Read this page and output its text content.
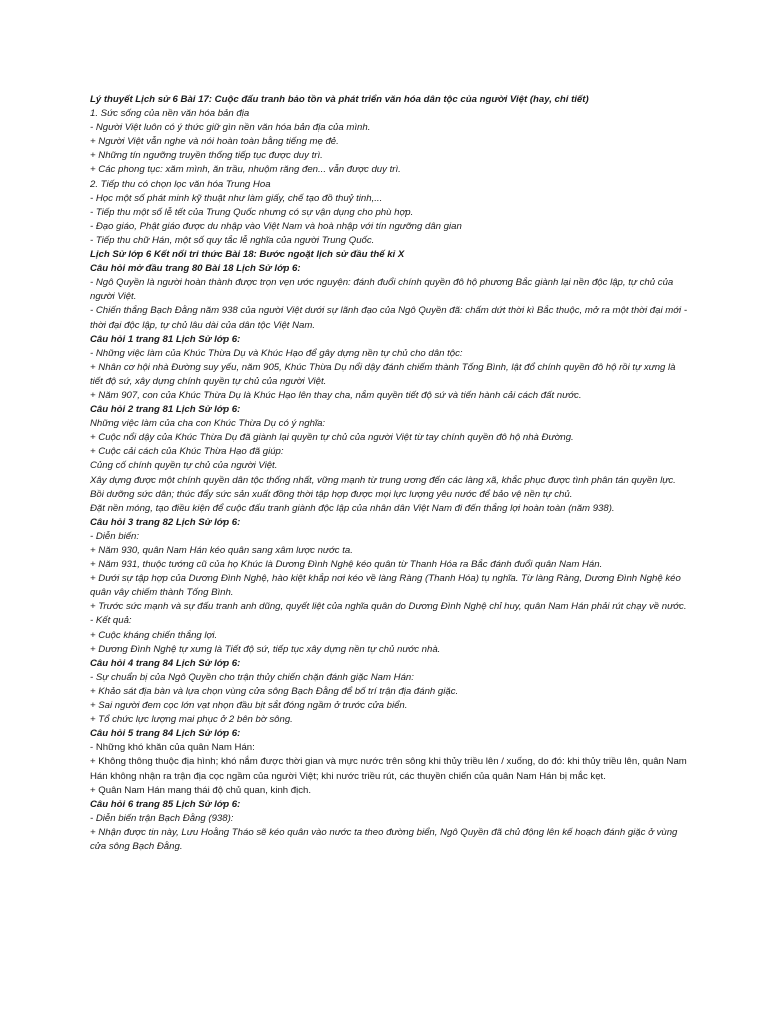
Lý thuyết Lịch sử 6 Bài 17: Cuộc đấu tranh bảo tồn và phát triển văn hóa dân tộc của người Việt (hay, chi tiết)

1. Sức sống của nền văn hóa bản địa

- Người Việt luôn có ý thức giữ gìn nền văn hóa bản địa của mình.

+ Người Việt vẫn nghe và nói hoàn toàn bằng tiếng mẹ đẻ.

+ Những tín ngưỡng truyền thống tiếp tục được duy trì.

+ Các phong tục: xăm mình, ăn trầu, nhuộm răng đen... vẫn được duy trì.

2. Tiếp thu có chọn lọc văn hóa Trung Hoa

- Học một số phát minh kỹ thuật như làm giấy, chế tạo đồ thuỷ tinh,...

- Tiếp thu một số lễ tết của Trung Quốc nhưng có sự vận dụng cho phù hợp.

- Đạo giáo, Phật giáo được du nhập vào Việt Nam và hoà nhập với tín ngưỡng dân gian

- Tiếp thu chữ Hán, một số quy tắc lễ nghĩa của người Trung Quốc.

Lịch Sử lớp 6 Kết nối tri thức Bài 18: Bước ngoặt lịch sử đầu thế kỉ X

Câu hỏi mở đầu trang 80 Bài 18 Lịch Sử lớp 6:

- Ngô Quyền là người hoàn thành được trọn vẹn ước nguyện: đánh đuổi chính quyền đô hộ phương Bắc giành lại nền độc lập, tự chủ của người Việt.

- Chiến thắng Bạch Đằng năm 938 của người Việt dưới sự lãnh đạo của Ngô Quyền đã: chấm dứt thời kì Bắc thuộc, mở ra một thời đại mới - thời đại độc lập, tự chủ lâu dài của dân tộc Việt Nam.

Câu hỏi 1 trang 81 Lịch Sử lớp 6:

- Những việc làm của Khúc Thừa Dụ và Khúc Hạo để gây dựng nền tự chủ cho dân tộc:

+ Nhân cơ hội nhà Đường suy yếu, năm 905, Khúc Thừa Dụ nổi dậy đánh chiếm thành Tống Bình, lật đổ chính quyền đô hộ rồi tự xưng là tiết độ sứ, xây dựng chính quyền tự chủ của người Việt.

+ Năm 907, con của Khúc Thừa Dụ là Khúc Hạo lên thay cha, nắm quyền tiết độ sứ và tiến hành cải cách đất nước.

Câu hỏi 2 trang 81 Lịch Sử lớp 6:

Những việc làm của cha con Khúc Thừa Dụ có ý nghĩa:

+ Cuộc nổi dậy của Khúc Thừa Dụ đã giành lại quyền tự chủ của người Việt từ tay chính quyền đô hộ nhà Đường.

+ Cuộc cải cách của Khúc Thừa Hạo đã giúp:

Củng cố chính quyền tự chủ của người Việt.

Xây dựng được một chính quyền dân tộc thống nhất, vững mạnh từ trung ương đến các làng xã, khắc phục được tình phân tán quyền lực.

Bồi dưỡng sức dân; thúc đẩy sức sản xuất đồng thời tập hợp được mọi lực lượng yêu nước để bảo vệ nền tự chủ.

Đặt nền móng, tạo điều kiện để cuộc đấu tranh giành độc lập của nhân dân Việt Nam đi đến thắng lợi hoàn toàn (năm 938).

Câu hỏi 3 trang 82 Lịch Sử lớp 6:

- Diễn biến:

+ Năm 930, quân Nam Hán kéo quân sang xâm lược nước ta.

+ Năm 931, thuộc tướng cũ của họ Khúc là Dương Đình Nghệ kéo quân từ Thanh Hóa ra Bắc đánh đuổi quân Nam Hán.

+ Dưới sự tập hợp của Dương Đình Nghệ, hào kiệt khắp nơi kéo về làng Ràng (Thanh Hóa) tụ nghĩa. Từ làng Ràng, Dương Đình Nghệ kéo quân vây chiếm thành Tống Bình.

+ Trước sức mạnh và sự đấu tranh anh dũng, quyết liệt của nghĩa quân do Dương Đình Nghệ chỉ huy, quân Nam Hán phải rút chạy về nước.

- Kết quả:

+ Cuộc kháng chiến thắng lợi.

+ Dương Đình Nghệ tự xưng là Tiết độ sứ, tiếp tục xây dựng nền tự chủ nước nhà.

Câu hỏi 4 trang 84 Lịch Sử lớp 6:

- Sự chuẩn bị của Ngô Quyền cho trận thủy chiến chặn đánh giặc Nam Hán:

+ Khảo sát địa bàn và lựa chọn vùng cửa sông Bạch Đằng để bố trí trận địa đánh giặc.

+ Sai người đem cọc lớn vạt nhọn đầu bịt sắt đóng ngầm ở trước cửa biển.

+ Tổ chức lực lượng mai phục ở 2 bên bờ sông.

Câu hỏi 5 trang 84 Lịch Sử lớp 6:

- Những khó khăn của quân Nam Hán:

+ Không thông thuộc địa hình; khó nắm được thời gian và mực nước trên sông khi thủy triều lên / xuống, do đó: khi thủy triều lên, quân Nam Hán không nhận ra trận địa cọc ngầm của người Việt; khi nước triều rút, các thuyền chiến của quân Nam Hán bị mắc kẹt.

+ Quân Nam Hán mang thái độ chủ quan, kinh địch.

Câu hỏi 6 trang 85 Lịch Sử lớp 6:

- Diễn biến trận Bạch Đằng (938):

+ Nhận được tin này, Lưu Hoằng Tháo sẽ kéo quân vào nước ta theo đường biển, Ngô Quyền đã chủ động lên kế hoạch đánh giặc ở vùng cửa sông Bạch Đằng.
